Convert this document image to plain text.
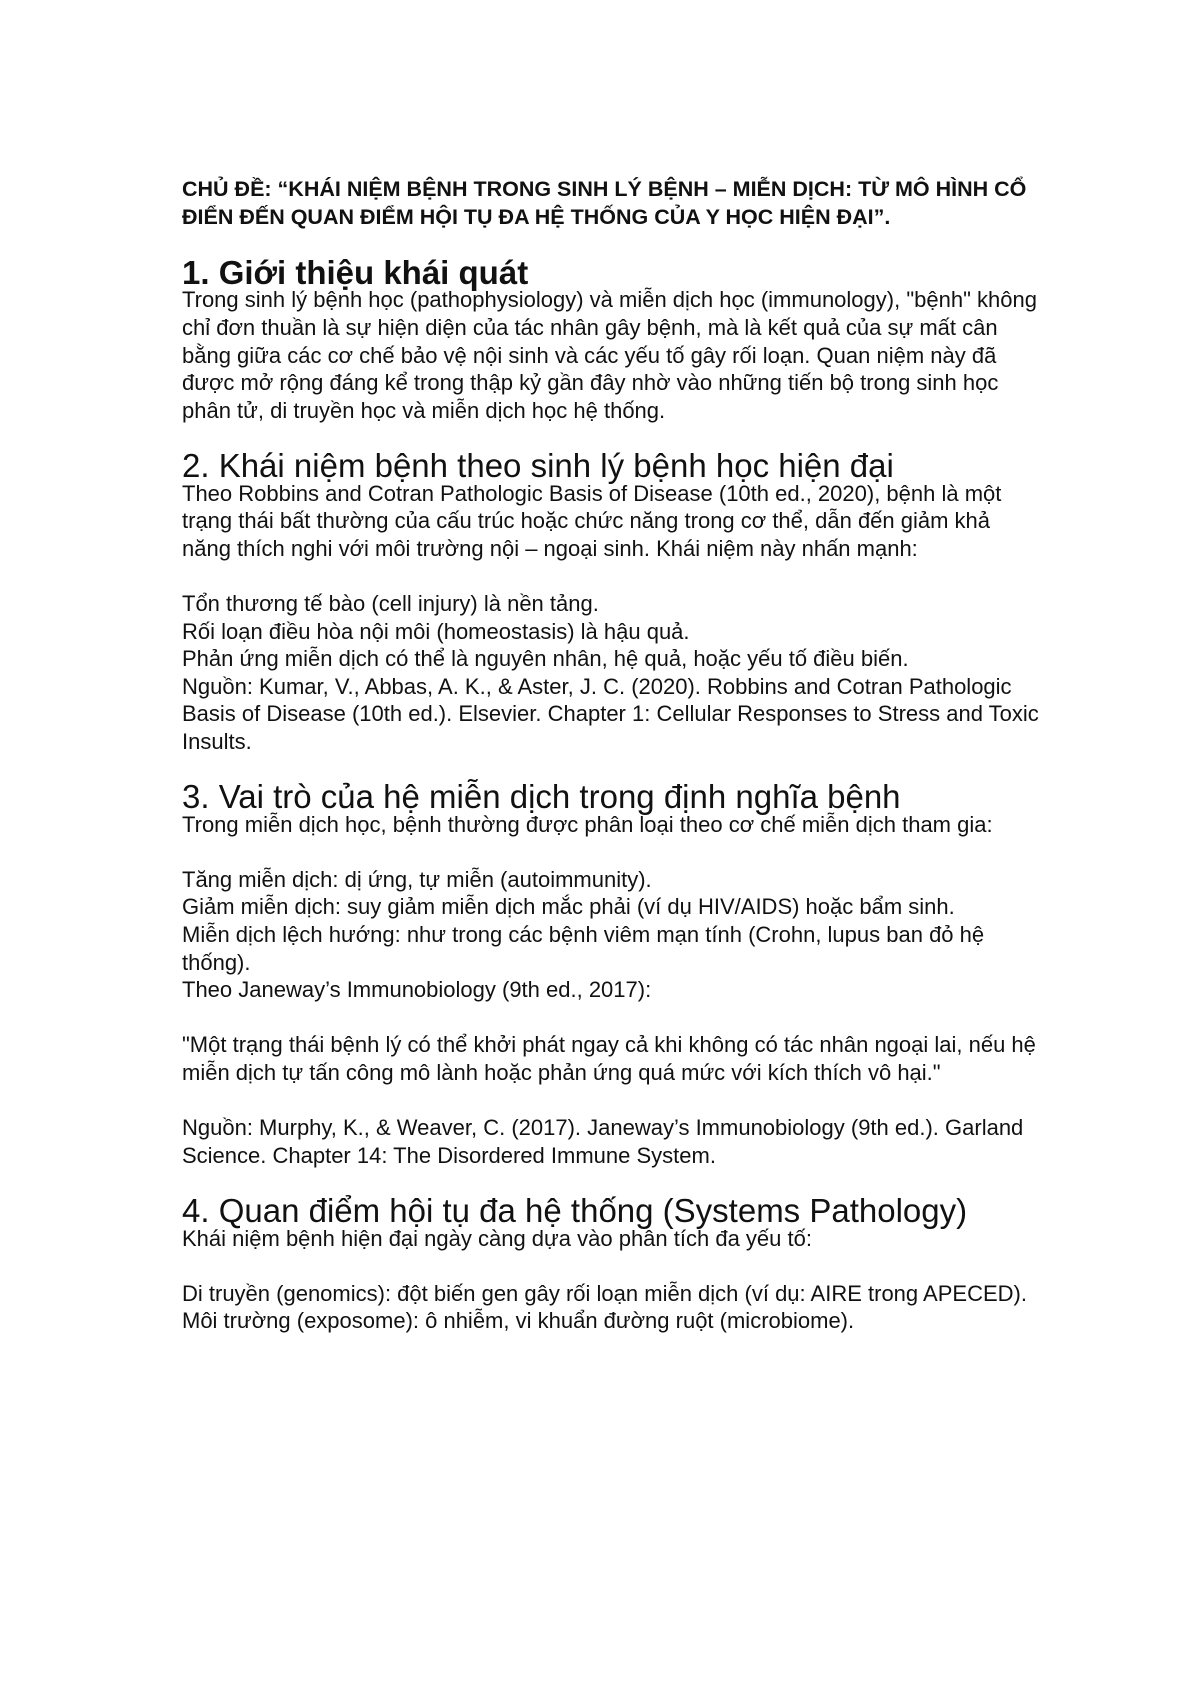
CHỦ ĐỀ: “KHÁI NIỆM BỆNH TRONG SINH LÝ BỆNH – MIỄN DỊCH: TỪ MÔ HÌNH CỔ ĐIỂN ĐẾN QUAN ĐIỂM HỘI TỤ ĐA HỆ THỐNG CỦA Y HỌC HIỆN ĐẠI”.
1. Giới thiệu khái quát

Trong sinh lý bệnh học (pathophysiology) và miễn dịch học (immunology), "bệnh" không chỉ đơn thuần là sự hiện diện của tác nhân gây bệnh, mà là kết quả của sự mất cân bằng giữa các cơ chế bảo vệ nội sinh và các yếu tố gây rối loạn. Quan niệm này đã được mở rộng đáng kể trong thập kỷ gần đây nhờ vào những tiến bộ trong sinh học phân tử, di truyền học và miễn dịch học hệ thống.

2. Khái niệm bệnh theo sinh lý bệnh học hiện đại

Theo Robbins and Cotran Pathologic Basis of Disease (10th ed., 2020), bệnh là một trạng thái bất thường của cấu trúc hoặc chức năng trong cơ thể, dẫn đến giảm khả năng thích nghi với môi trường nội – ngoại sinh. Khái niệm này nhấn mạnh:

Tổn thương tế bào (cell injury) là nền tảng.

Rối loạn điều hòa nội môi (homeostasis) là hậu quả.

Phản ứng miễn dịch có thể là nguyên nhân, hệ quả, hoặc yếu tố điều biến.

Nguồn: Kumar, V., Abbas, A. K., & Aster, J. C. (2020). Robbins and Cotran Pathologic Basis of Disease (10th ed.). Elsevier. Chapter 1: Cellular Responses to Stress and Toxic Insults.

3. Vai trò của hệ miễn dịch trong định nghĩa bệnh

Trong miễn dịch học, bệnh thường được phân loại theo cơ chế miễn dịch tham gia:

Tăng miễn dịch: dị ứng, tự miễn (autoimmunity).

Giảm miễn dịch: suy giảm miễn dịch mắc phải (ví dụ HIV/AIDS) hoặc bẩm sinh.

Miễn dịch lệch hướng: như trong các bệnh viêm mạn tính (Crohn, lupus ban đỏ hệ thống).

Theo Janeway’s Immunobiology (9th ed., 2017):

"Một trạng thái bệnh lý có thể khởi phát ngay cả khi không có tác nhân ngoại lai, nếu hệ miễn dịch tự tấn công mô lành hoặc phản ứng quá mức với kích thích vô hại."

Nguồn: Murphy, K., & Weaver, C. (2017). Janeway’s Immunobiology (9th ed.). Garland Science. Chapter 14: The Disordered Immune System.

4. Quan điểm hội tụ đa hệ thống (Systems Pathology)

Khái niệm bệnh hiện đại ngày càng dựa vào phân tích đa yếu tố:

Di truyền (genomics): đột biến gen gây rối loạn miễn dịch (ví dụ: AIRE trong APECED).

Môi trường (exposome): ô nhiễm, vi khuẩn đường ruột (microbiome).
